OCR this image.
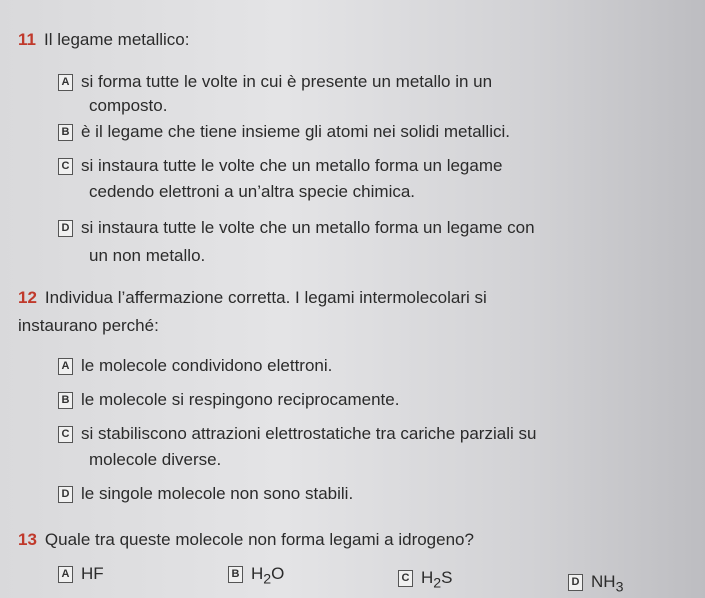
11 Il legame metallico:
A si forma tutte le volte in cui è presente un metallo in un
composto.
B è il legame che tiene insieme gli atomi nei solidi metallici.
C si instaura tutte le volte che un metallo forma un legame
cedendo elettroni a un’altra specie chimica.
D si instaura tutte le volte che un metallo forma un legame con
un non metallo.
12 Individua l’affermazione corretta. I legami intermolecolari si
instaurano perché:
A le molecole condividono elettroni.
B le molecole si respingono reciprocamente.
C si stabiliscono attrazioni elettrostatiche tra cariche parziali su
molecole diverse.
D le singole molecole non sono stabili.
13 Quale tra queste molecole non forma legami a idrogeno?
A HF	B $H_2O$	C $H_2S$	D $NH_3$
